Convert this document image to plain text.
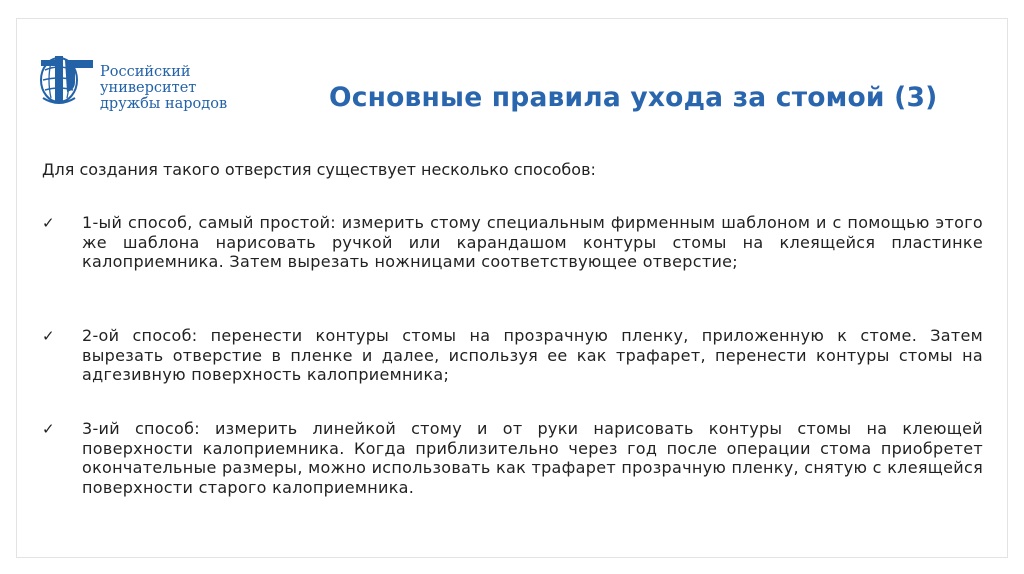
Российский университет
дружбы народов	Основные правила ухода за стомой (3)
Для создания такого отверстия существует несколько способов:
✓ 1-ый способ, самый простой: измерить стому специальным фирменным шаблоном и с помощью этого же шаблона нарисовать ручкой или карандашом контуры стомы на клеящейся пластинке калоприемника. Затем вырезать ножницами соответствующее отверстие;
✓ 2-ой способ: перенести контуры стомы на прозрачную пленку, приложенную к стоме. Затем вырезать отверстие в пленке и далее, используя ее как трафарет, перенести контуры стомы на адгезивную поверхность калоприемника;
✓ 3-ий способ: измерить линейкой стому и от руки нарисовать контуры стомы на клеющей поверхности калоприемника. Когда приблизительно через год после операции стома приобретет окончательные размеры, можно использовать как трафарет прозрачную пленку, снятую с клеящейся поверхности старого калоприемника.
